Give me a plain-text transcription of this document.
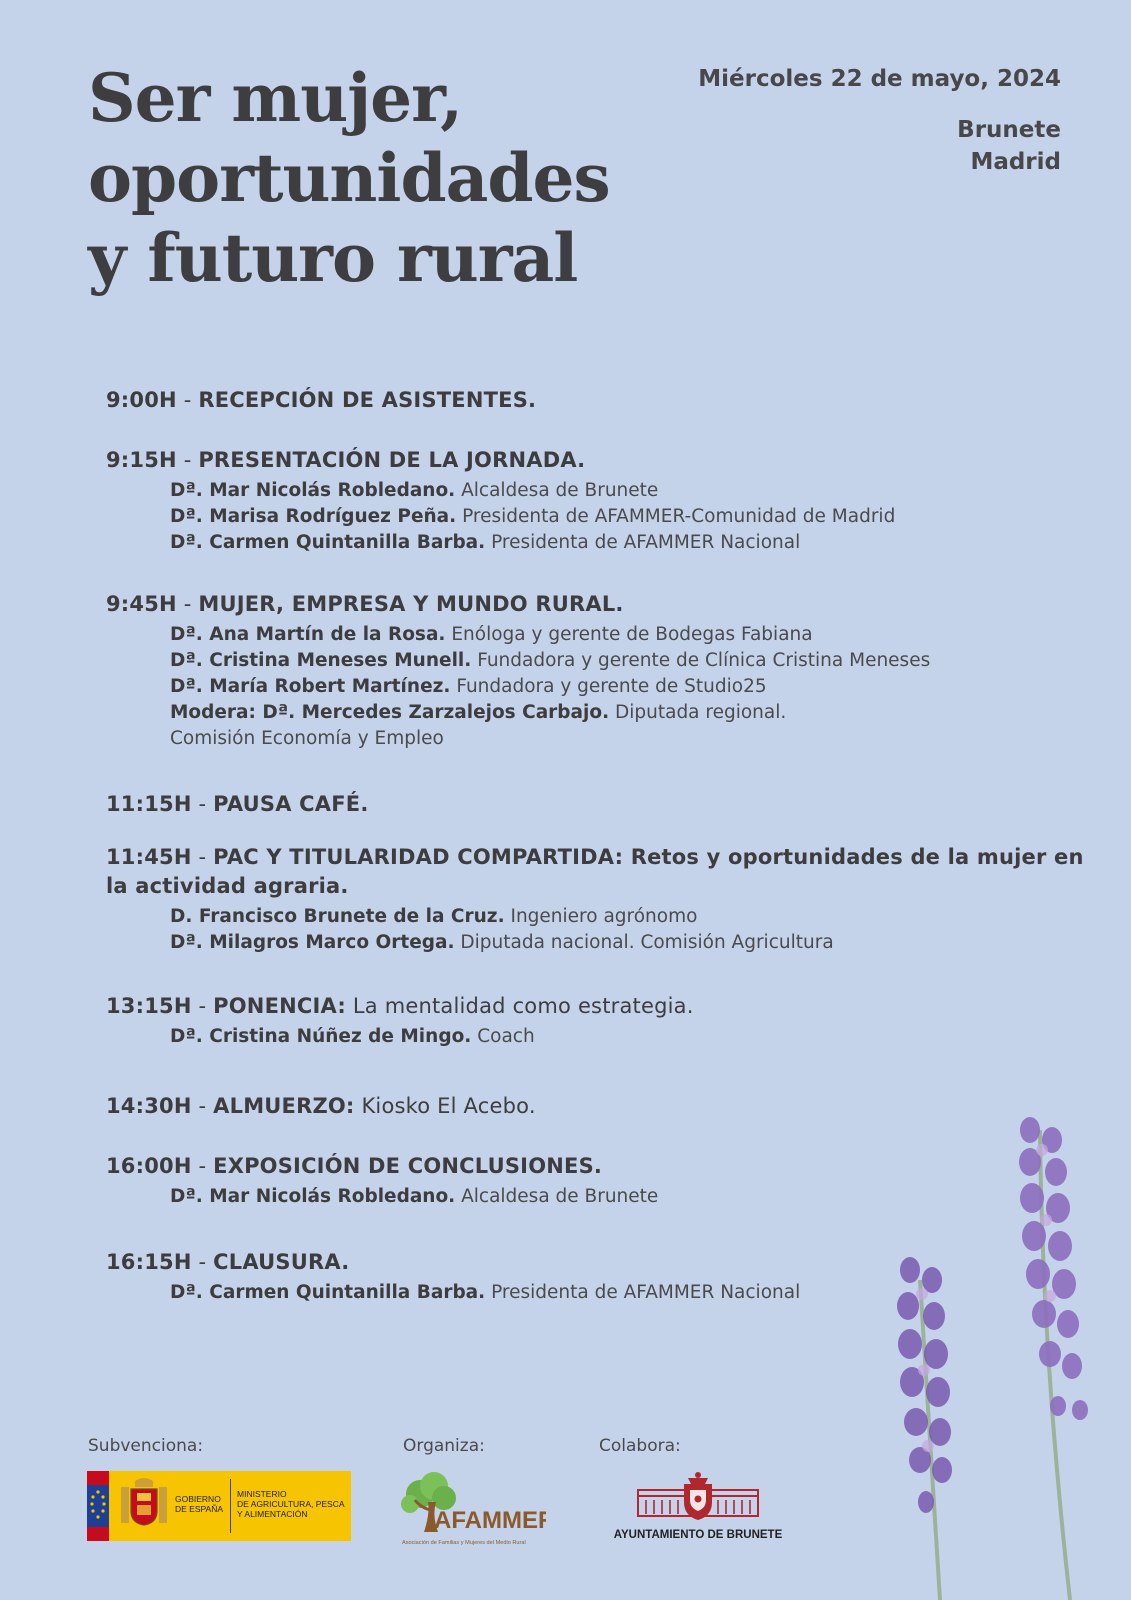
Ser mujer,
oportunidades
y futuro rural

Miércoles 22 de mayo, 2024

Brunete
Madrid

9:00H - RECEPCIÓN DE ASISTENTES.

9:15H - PRESENTACIÓN DE LA JORNADA.

Dª. Mar Nicolás Robledano. Alcaldesa de Brunete

Dª. Marisa Rodríguez Peña. Presidenta de AFAMMER-Comunidad de Madrid

Dª. Carmen Quintanilla Barba. Presidenta de AFAMMER Nacional

9:45H - MUJER, EMPRESA Y MUNDO RURAL.

Dª. Ana Martín de la Rosa. Enóloga y gerente de Bodegas Fabiana

Dª. Cristina Meneses Munell. Fundadora y gerente de Clínica Cristina Meneses

Dª. María Robert Martínez. Fundadora y gerente de Studio25

Modera: Dª. Mercedes Zarzalejos Carbajo. Diputada regional.

Comisión Economía y Empleo

11:15H - PAUSA CAFÉ.

11:45H - PAC Y TITULARIDAD COMPARTIDA: Retos y oportunidades de la mujer en la actividad agraria.

D. Francisco Brunete de la Cruz. Ingeniero agrónomo

Dª. Milagros Marco Ortega. Diputada nacional. Comisión Agricultura

13:15H - PONENCIA: La mentalidad como estrategia.

Dª. Cristina Núñez de Mingo. Coach

14:30H - ALMUERZO: Kiosko El Acebo.

16:00H - EXPOSICIÓN DE CONCLUSIONES.

Dª. Mar Nicolás Robledano. Alcaldesa de Brunete

16:15H - CLAUSURA.

Dª. Carmen Quintanilla Barba. Presidenta de AFAMMER Nacional

Subvenciona:	Organiza:	Colabora:
GOBIERNO
DE ESPAÑA
MINISTERIO
DE AGRICULTURA, PESCA
Y ALIMENTACIÓN	AFAMMER
Asociación de Familias y Mujeres del Medio Rural
AYUNTAMIENTO DE BRUNETE
